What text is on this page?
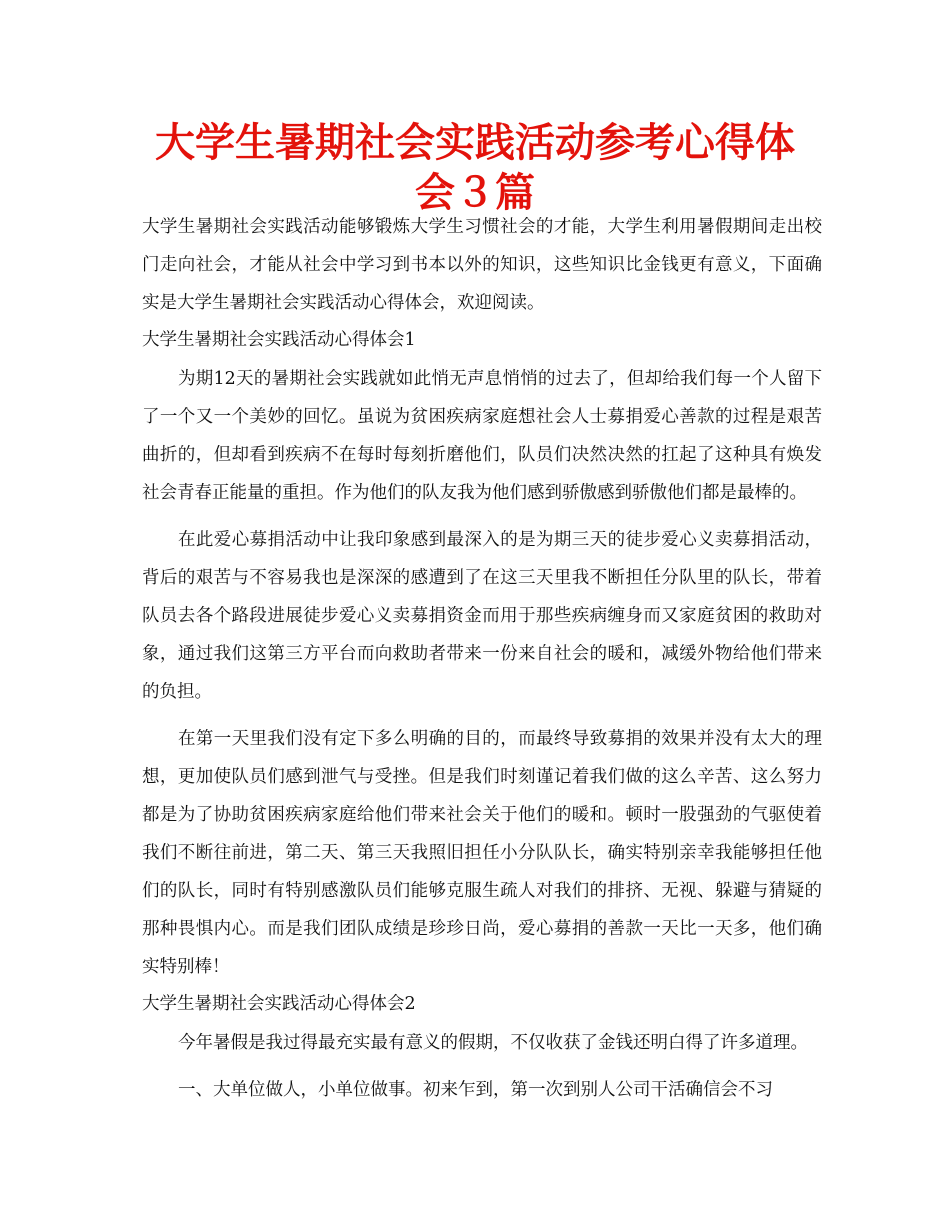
大学生暑期社会实践活动参考心得体会３篇

大学生暑期社会实践活动能够锻炼大学生习惯社会的才能，大学生利用暑假期间走出校门走向社会，才能从社会中学习到书本以外的知识，这些知识比金钱更有意义，下面确实是大学生暑期社会实践活动心得体会，欢迎阅读。

大学生暑期社会实践活动心得体会1

为期12天的暑期社会实践就如此悄无声息悄悄的过去了，但却给我们每一个人留下了一个又一个美妙的回忆。虽说为贫困疾病家庭想社会人士募捐爱心善款的过程是艰苦曲折的，但却看到疾病不在每时每刻折磨他们，队员们决然决然的扛起了这种具有焕发社会青春正能量的重担。作为他们的队友我为他们感到骄傲感到骄傲他们都是最棒的。

在此爱心募捐活动中让我印象感到最深入的是为期三天的徒步爱心义卖募捐活动，背后的艰苦与不容易我也是深深的感遭到了在这三天里我不断担任分队里的队长，带着队员去各个路段进展徒步爱心义卖募捐资金而用于那些疾病缠身而又家庭贫困的救助对象，通过我们这第三方平台而向救助者带来一份来自社会的暖和，减缓外物给他们带来的负担。

在第一天里我们没有定下多么明确的目的，而最终导致募捐的效果并没有太大的理想，更加使队员们感到泄气与受挫。但是我们时刻谨记着我们做的这么辛苦、这么努力都是为了协助贫困疾病家庭给他们带来社会关于他们的暖和。顿时一股强劲的气驱使着我们不断往前进，第二天、第三天我照旧担任小分队队长，确实特别亲幸我能够担任他们的队长，同时有特别感激队员们能够克服生疏人对我们的排挤、无视、躲避与猜疑的那种畏惧内心。而是我们团队成绩是珍珍日尚，爱心募捐的善款一天比一天多，他们确实特别棒！

大学生暑期社会实践活动心得体会2

今年暑假是我过得最充实最有意义的假期，不仅收获了金钱还明白得了许多道理。

一、大单位做人，小单位做事。初来乍到，第一次到别人公司干活确信会不习
